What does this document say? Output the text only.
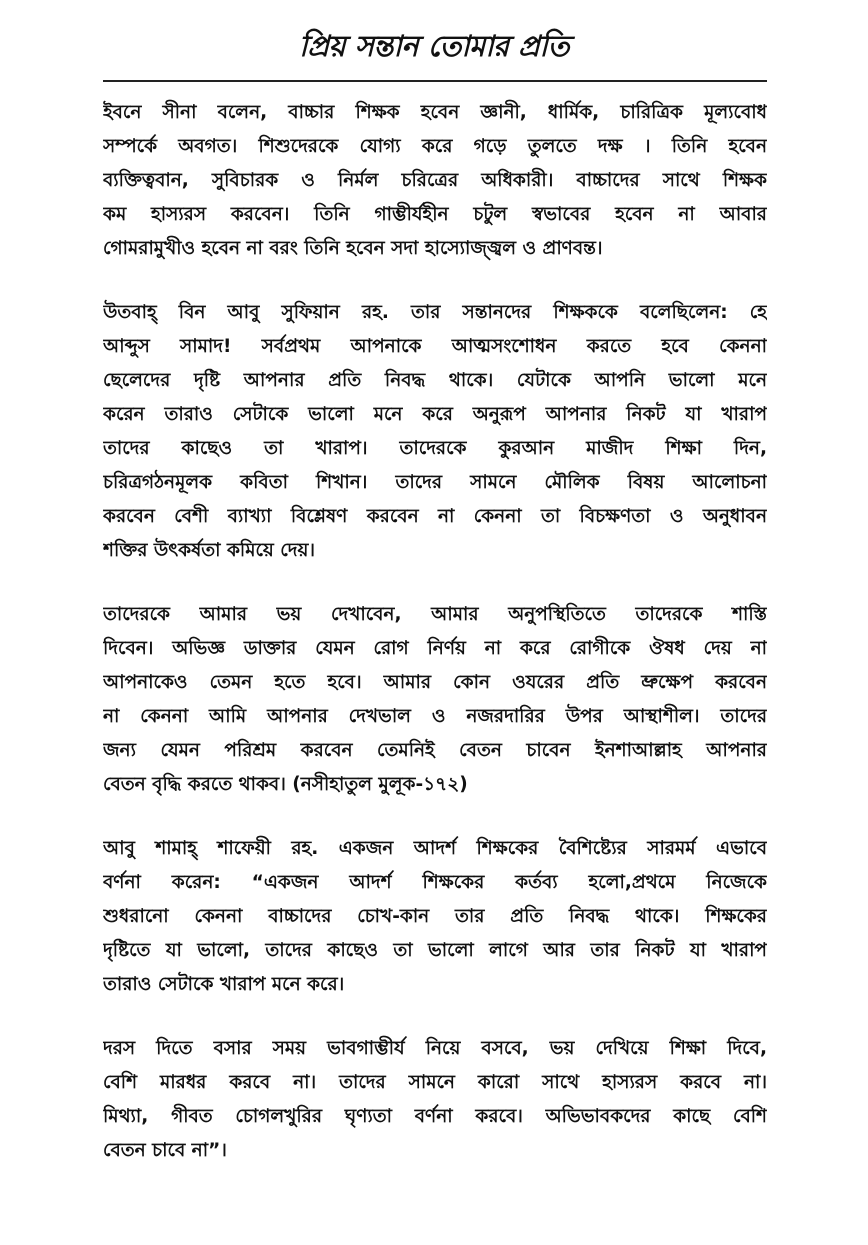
প্রিয় সন্তান তোমার প্রতি
ইবনে সীনা বলেন, বাচ্চার শিক্ষক হবেন জ্ঞানী, ধার্মিক, চারিত্রিক মূল্যবোধ
সম্পর্কে অবগত। শিশুদেরকে যোগ্য করে গড়ে তুলতে দক্ষ । তিনি হবেন
ব্যক্তিত্ববান, সুবিচারক ও নির্মল চরিত্রের অধিকারী। বাচ্চাদের সাথে শিক্ষক
কম হাস্যরস করবেন। তিনি গাম্ভীর্যহীন চটুল স্বভাবের হবেন না আবার
গোমরামুখীও হবেন না বরং তিনি হবেন সদা হাস্যোজ্জ্বল ও প্রাণবন্ত।
উতবাহ্ বিন আবু সুফিয়ান রহ. তার সন্তানদের শিক্ষককে বলেছিলেন: হে
আব্দুস সামাদ! সর্বপ্রথম আপনাকে আত্মসংশোধন করতে হবে কেননা
ছেলেদের দৃষ্টি আপনার প্রতি নিবদ্ধ থাকে। যেটাকে আপনি ভালো মনে
করেন তারাও সেটাকে ভালো মনে করে অনুরূপ আপনার নিকট যা খারাপ
তাদের কাছেও তা খারাপ। তাদেরকে কুরআন মাজীদ শিক্ষা দিন,
চরিত্রগঠনমূলক কবিতা শিখান। তাদের সামনে মৌলিক বিষয় আলোচনা
করবেন বেশী ব্যাখ্যা বিশ্লেষণ করবেন না কেননা তা বিচক্ষণতা ও অনুধাবন
শক্তির উৎকর্ষতা কমিয়ে দেয়।
তাদেরকে আমার ভয় দেখাবেন, আমার অনুপস্থিতিতে তাদেরকে শাস্তি
দিবেন। অভিজ্ঞ ডাক্তার যেমন রোগ নির্ণয় না করে রোগীকে ঔষধ দেয় না
আপনাকেও তেমন হতে হবে। আমার কোন ওযরের প্রতি ভ্রুক্ষেপ করবেন
না কেননা আমি আপনার দেখভাল ও নজরদারির উপর আস্থাশীল। তাদের
জন্য যেমন পরিশ্রম করবেন তেমনিই বেতন চাবেন ইনশাআল্লাহ আপনার
বেতন বৃদ্ধি করতে থাকব। (নসীহাতুল মুলূক-১৭২)
আবু শামাহ্ শাফেয়ী রহ. একজন আদর্শ শিক্ষকের বৈশিষ্ট্যের সারমর্ম এভাবে
বর্ণনা করেন: “একজন আদর্শ শিক্ষকের কর্তব্য হলো,প্রথমে নিজেকে
শুধরানো কেননা বাচ্চাদের চোখ-কান তার প্রতি নিবদ্ধ থাকে। শিক্ষকের
দৃষ্টিতে যা ভালো, তাদের কাছেও তা ভালো লাগে আর তার নিকট যা খারাপ
তারাও সেটাকে খারাপ মনে করে।
দরস দিতে বসার সময় ভাবগাম্ভীর্য নিয়ে বসবে, ভয় দেখিয়ে শিক্ষা দিবে,
বেশি মারধর করবে না। তাদের সামনে কারো সাথে হাস্যরস করবে না।
মিথ্যা, গীবত চোগলখুরির ঘৃণ্যতা বর্ণনা করবে। অভিভাবকদের কাছে বেশি
বেতন চাবে না”।
